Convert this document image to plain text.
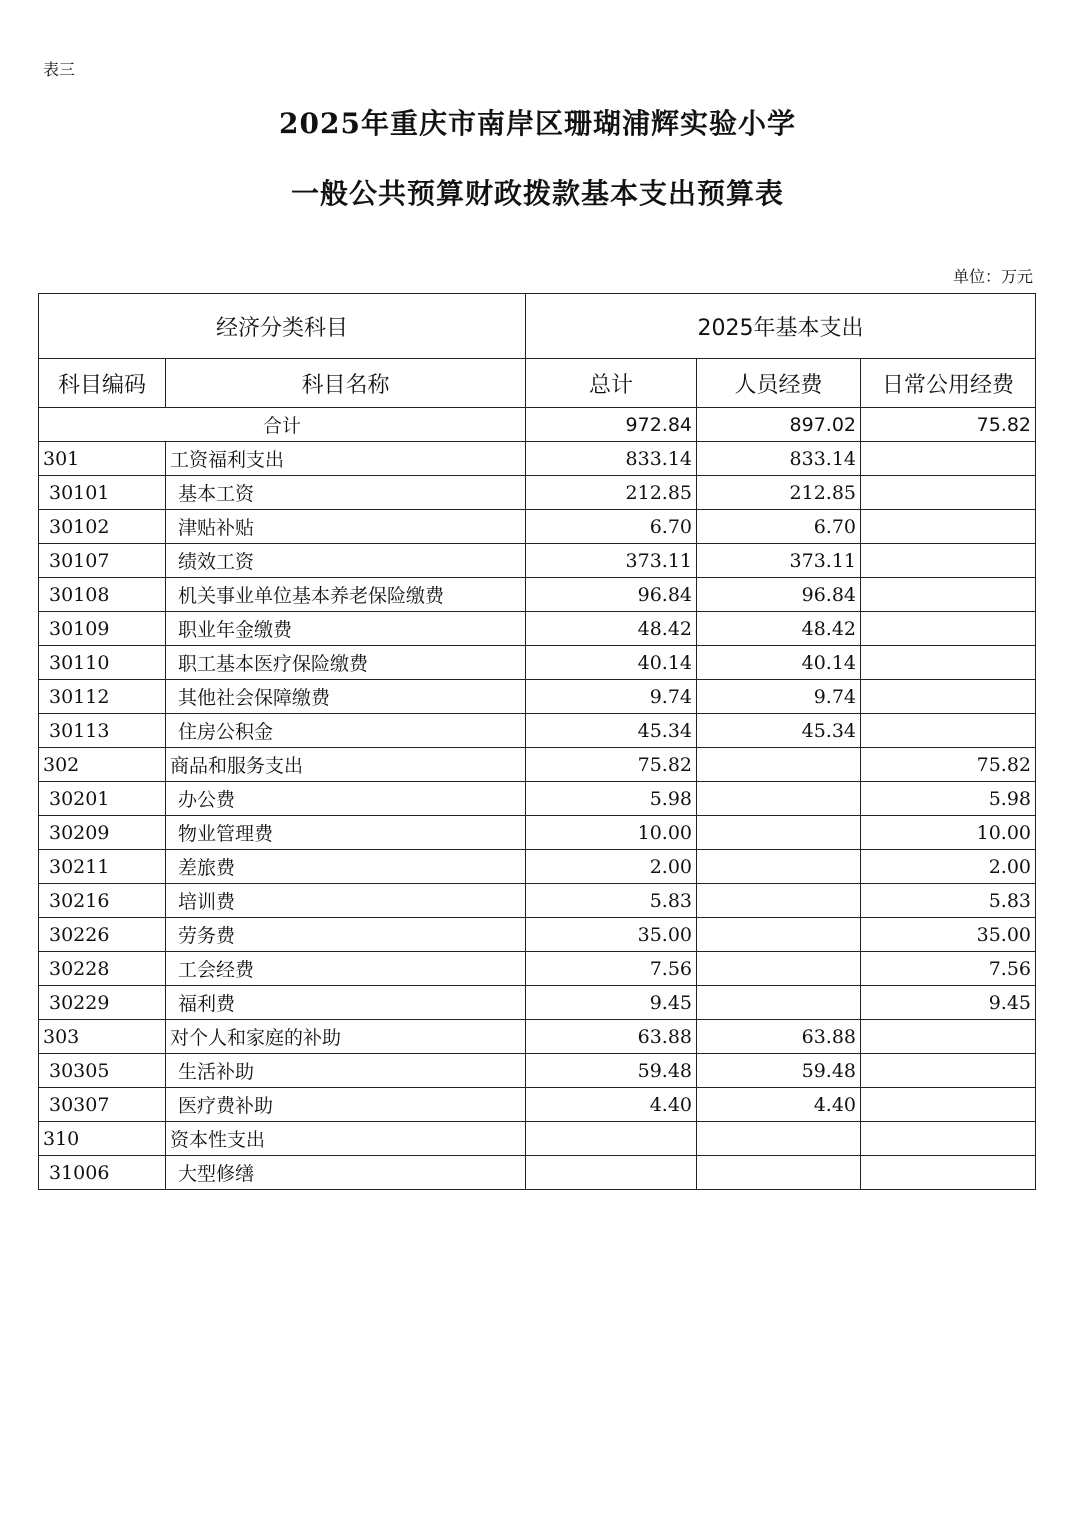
表三
2025年重庆市南岸区珊瑚浦辉实验小学
一般公共预算财政拨款基本支出预算表
单位：万元
经济分类科目		2025年基本支出		
科目编码	科目名称	总计	人员经费	日常公用经费
合计		972.84	897.02	75.82
301	工资福利支出	833.14	833.14	
30101	基本工资	212.85	212.85	
30102	津贴补贴	6.70	6.70	
30107	绩效工资	373.11	373.11	
30108	机关事业单位基本养老保险缴费	96.84	96.84	
30109	职业年金缴费	48.42	48.42	
30110	职工基本医疗保险缴费	40.14	40.14	
30112	其他社会保障缴费	9.74	9.74	
30113	住房公积金	45.34	45.34	
302	商品和服务支出	75.82		75.82
30201	办公费	5.98		5.98
30209	物业管理费	10.00		10.00
30211	差旅费	2.00		2.00
30216	培训费	5.83		5.83
30226	劳务费	35.00		35.00
30228	工会经费	7.56		7.56
30229	福利费	9.45		9.45
303	对个人和家庭的补助	63.88	63.88	
30305	生活补助	59.48	59.48	
30307	医疗费补助	4.40	4.40	
310	资本性支出			
31006	大型修缮			
